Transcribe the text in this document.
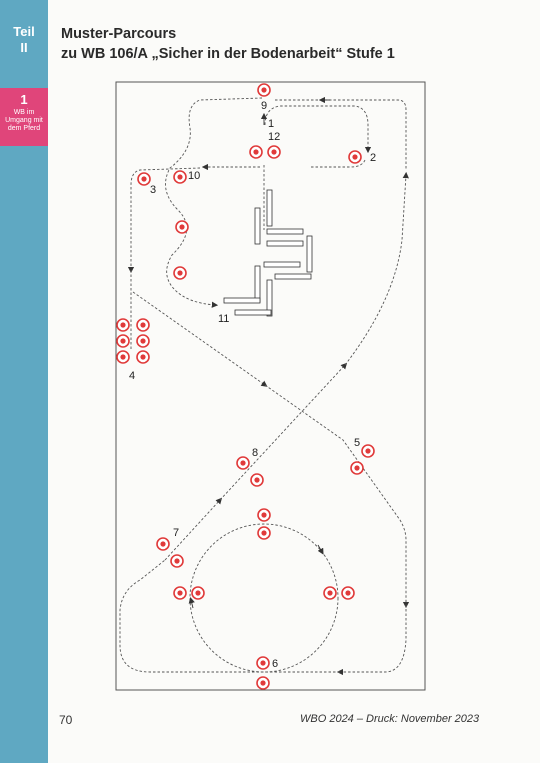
Teil
II
1
WB im
Umgang mit
dem Pferd
Muster-Parcours
zu WB 106/A „Sicher in der Bodenarbeit“ Stufe 1
9
1
12
2
10
3
11
4
5
8
7
6
70	WBO 2024 – Druck: November 2023
